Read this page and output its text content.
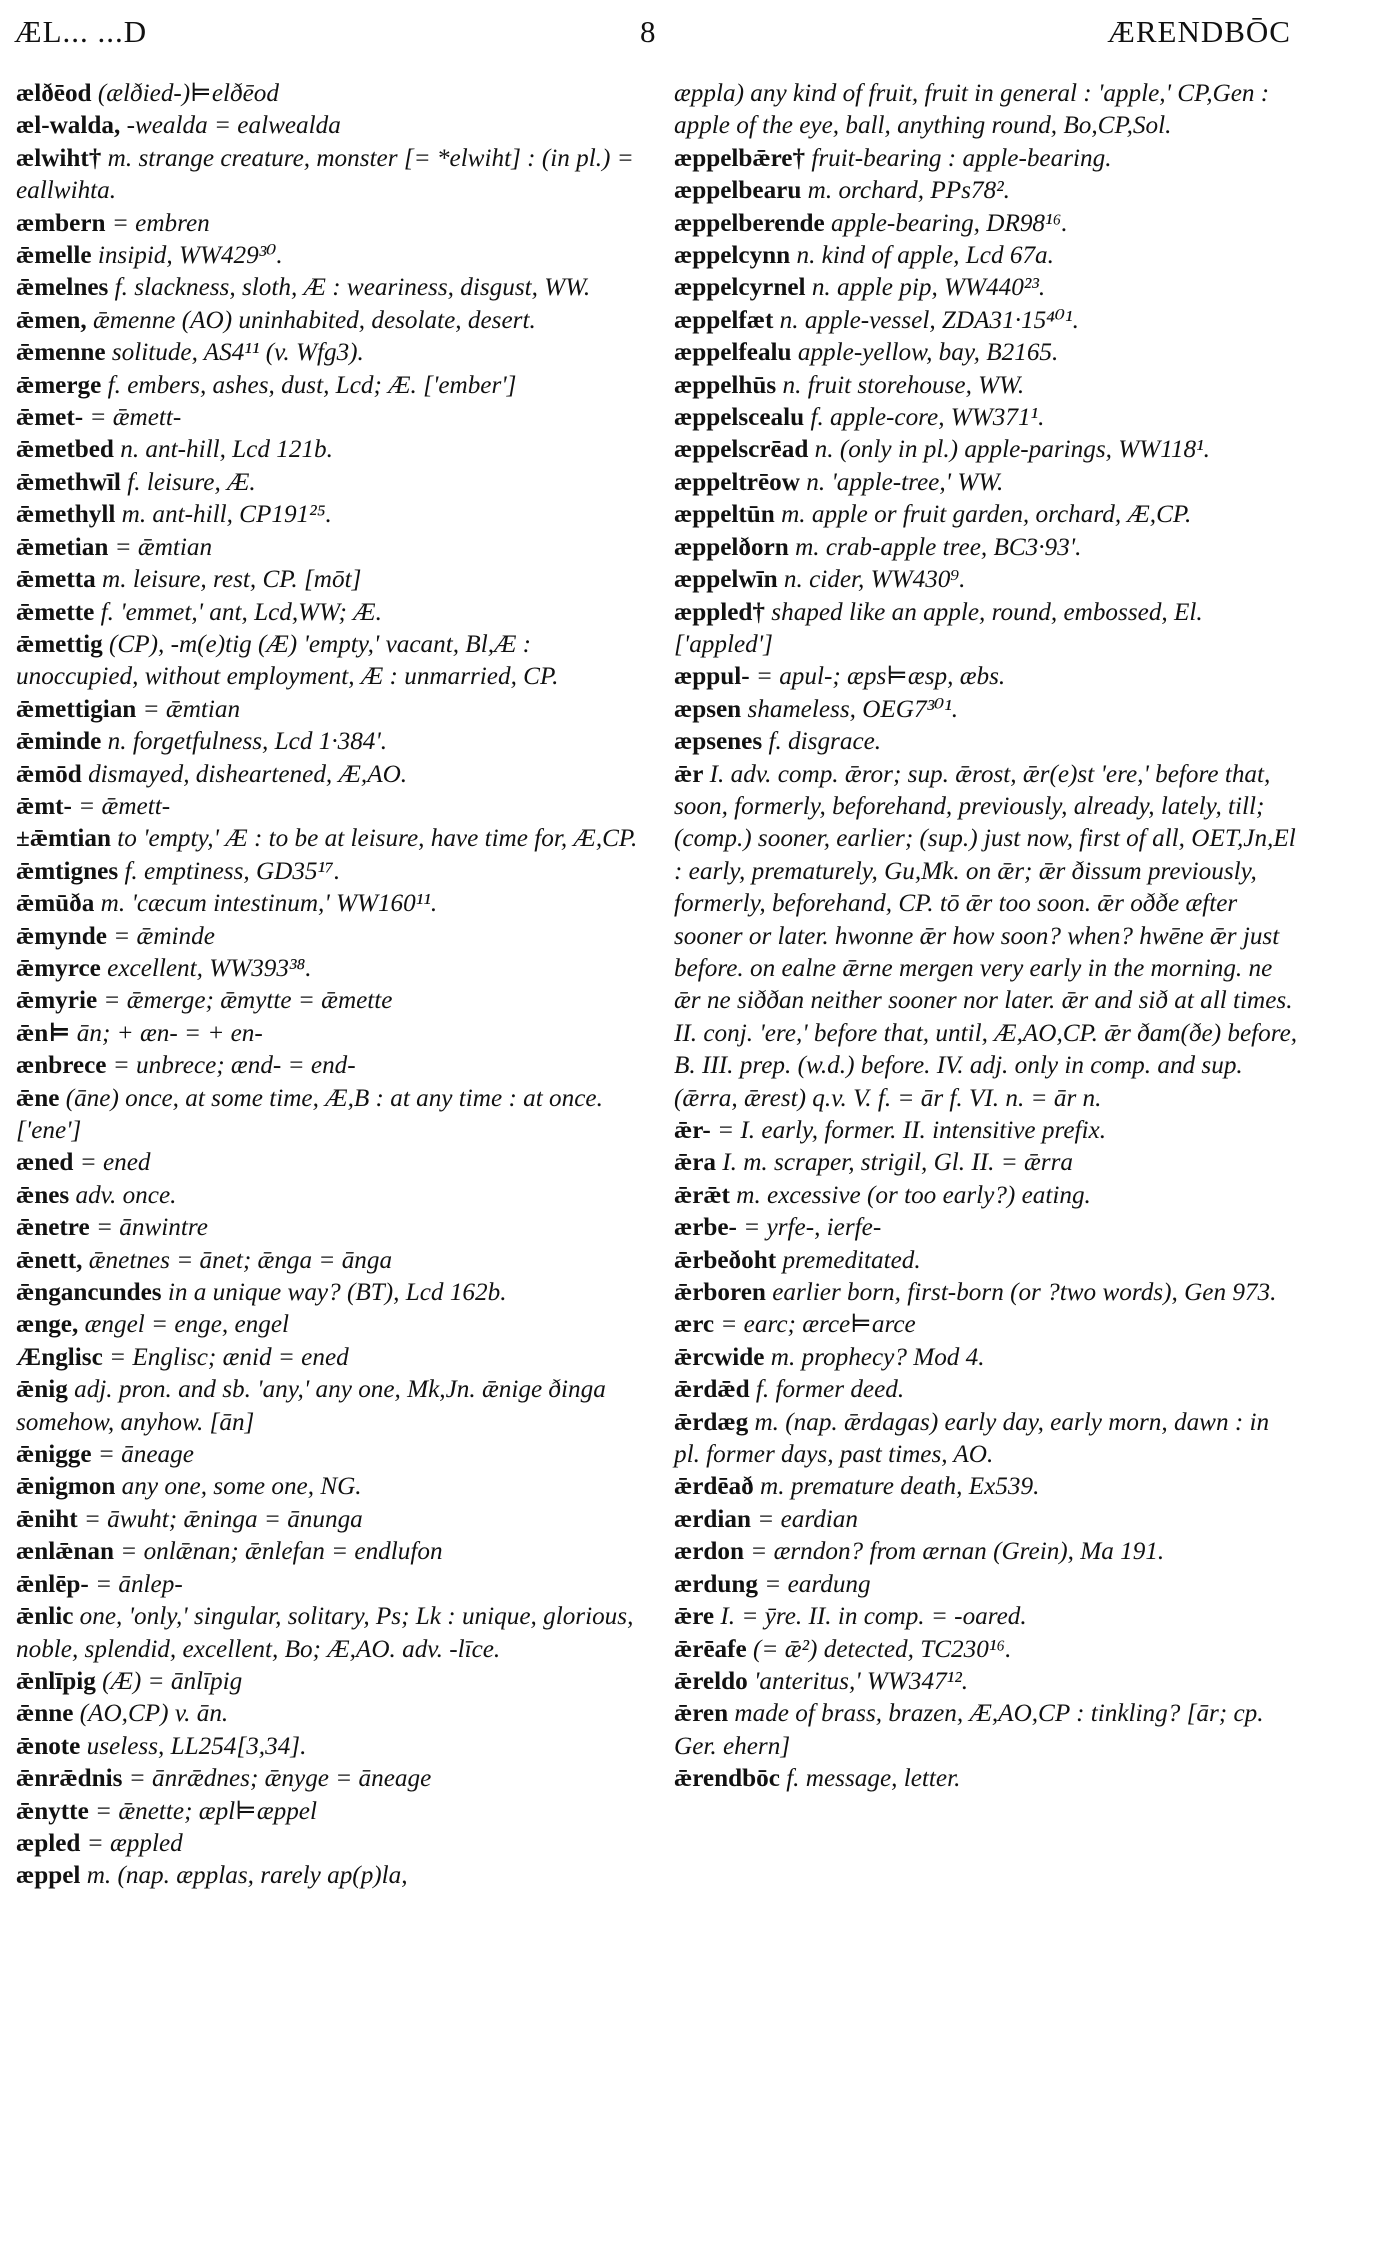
ÆL... ...D	8	ÆRENDBŌC

ælðēod (ælðied-)⊨elðēod

æl-walda, -wealda = ealwealda

ælwiht† m. strange creature, monster [= *elwiht] : (in pl.) = eallwihta.

æmbern = embren

ǣmelle insipid, WW429³⁰.

ǣmelnes f. slackness, sloth, Æ : weariness, disgust, WW.

ǣmen, ǣmenne (AO) uninhabited, desolate, desert.

ǣmenne solitude, AS4¹¹ (v. Wfg3).

ǣmerge f. embers, ashes, dust, Lcd; Æ. ['ember']

ǣmet- = ǣmett-

ǣmetbed n. ant-hill, Lcd 121b.

ǣmethwīl f. leisure, Æ.

ǣmethyll m. ant-hill, CP191²⁵.

ǣmetian = ǣmtian

ǣmetta m. leisure, rest, CP. [mōt]

ǣmette f. 'emmet,' ant, Lcd,WW; Æ.

ǣmettig (CP), -m(e)tig (Æ) 'empty,' vacant, Bl,Æ : unoccupied, without employment, Æ : unmarried, CP.

ǣmettigian = ǣmtian

ǣminde n. forgetfulness, Lcd 1·384'.

ǣmōd dismayed, disheartened, Æ,AO.

ǣmt- = ǣmett-

±ǣmtian to 'empty,' Æ : to be at leisure, have time for, Æ,CP.

ǣmtignes f. emptiness, GD35¹⁷.

ǣmūða m. 'cæcum intestinum,' WW160¹¹.

ǣmynde = ǣminde

ǣmyrce excellent, WW393³⁸.

ǣmyrie = ǣmerge; ǣmytte = ǣmette

ǣn⊨ ān; + æn- = + en-

ænbrece = unbrece; ænd- = end-

ǣne (āne) once, at some time, Æ,B : at any time : at once. ['ene']

æned = ened

ǣnes adv. once.

ǣnetre = ānwintre

ǣnett, ǣnetnes = ānet; ǣnga = ānga

ǣngancundes in a unique way? (BT), Lcd 162b.

ænge, ængel = enge, engel

Ænglisc = Englisc; ænid = ened

ǣnig adj. pron. and sb. 'any,' any one, Mk,Jn. ǣnige ðinga somehow, anyhow. [ān]

ǣnigge = āneage

ǣnigmon any one, some one, NG.

ǣniht = āwuht; ǣninga = ānunga

ænlǣnan = onlǣnan; ǣnlefan = endlufon

ǣnlēp- = ānlep-

ǣnlic one, 'only,' singular, solitary, Ps; Lk : unique, glorious, noble, splendid, excellent, Bo; Æ,AO. adv. -līce.

ǣnlīpig (Æ) = ānlīpig

ǣnne (AO,CP) v. ān.

ǣnote useless, LL254[3,34].

ǣnrǣdnis = ānrǣdnes; ǣnyge = āneage

ǣnytte = ǣnette; æpl⊨æppel

æpled = æppled

æppel m. (nap. æpplas, rarely ap(p)la,

æppla) any kind of fruit, fruit in general : 'apple,' CP,Gen : apple of the eye, ball, anything round, Bo,CP,Sol.

æppelbǣre† fruit-bearing : apple-bearing.

æppelbearu m. orchard, PPs78².

æppelberende apple-bearing, DR98¹⁶.

æppelcynn n. kind of apple, Lcd 67a.

æppelcyrnel n. apple pip, WW440²³.

æppelfæt n. apple-vessel, ZDA31·15⁴⁰¹.

æppelfealu apple-yellow, bay, B2165.

æppelhūs n. fruit storehouse, WW.

æppelscealu f. apple-core, WW371¹.

æppelscrēad n. (only in pl.) apple-parings, WW118¹.

æppeltrēow n. 'apple-tree,' WW.

æppeltūn m. apple or fruit garden, orchard, Æ,CP.

æppelðorn m. crab-apple tree, BC3·93'.

æppelwīn n. cider, WW430⁹.

æppled† shaped like an apple, round, embossed, El. ['appled']

æppul- = apul-; æps⊨æsp, æbs.

æpsen shameless, OEG7³⁰¹.

æpsenes f. disgrace.

ǣr I. adv. comp. ǣror; sup. ǣrost, ǣr(e)st 'ere,' before that, soon, formerly, beforehand, previously, already, lately, till; (comp.) sooner, earlier; (sup.) just now, first of all, OET,Jn,El : early, prematurely, Gu,Mk. on ǣr; ǣr ðissum previously, formerly, beforehand, CP. tō ǣr too soon. ǣr oððe æfter sooner or later. hwonne ǣr how soon? when? hwēne ǣr just before. on ealne ǣrne mergen very early in the morning. ne ǣr ne siððan neither sooner nor later. ǣr and sið at all times. II. conj. 'ere,' before that, until, Æ,AO,CP. ǣr ðam(ðe) before, B. III. prep. (w.d.) before. IV. adj. only in comp. and sup. (ǣrra, ǣrest) q.v. V. f. = ār f. VI. n. = ār n.

ǣr- = I. early, former. II. intensitive prefix.

ǣra I. m. scraper, strigil, Gl. II. = ǣrra

ǣrǣt m. excessive (or too early?) eating.

ærbe- = yrfe-, ierfe-

ǣrbeðoht premeditated.

ǣrboren earlier born, first-born (or ?two words), Gen 973.

ærc = earc; ærce⊨arce

ǣrcwide m. prophecy? Mod 4.

ǣrdǣd f. former deed.

ǣrdæg m. (nap. ǣrdagas) early day, early morn, dawn : in pl. former days, past times, AO.

ǣrdēað m. premature death, Ex539.

ærdian = eardian

ærdon = ærndon? from ærnan (Grein), Ma 191.

ærdung = eardung

ǣre I. = ȳre. II. in comp. = -oared.

ǣrēafe (= ǣ²) detected, TC230¹⁶.

ǣreldo 'anteritus,' WW347¹².

ǣren made of brass, brazen, Æ,AO,CP : tinkling? [ār; cp. Ger. ehern]

ǣrendbōc f. message, letter.
